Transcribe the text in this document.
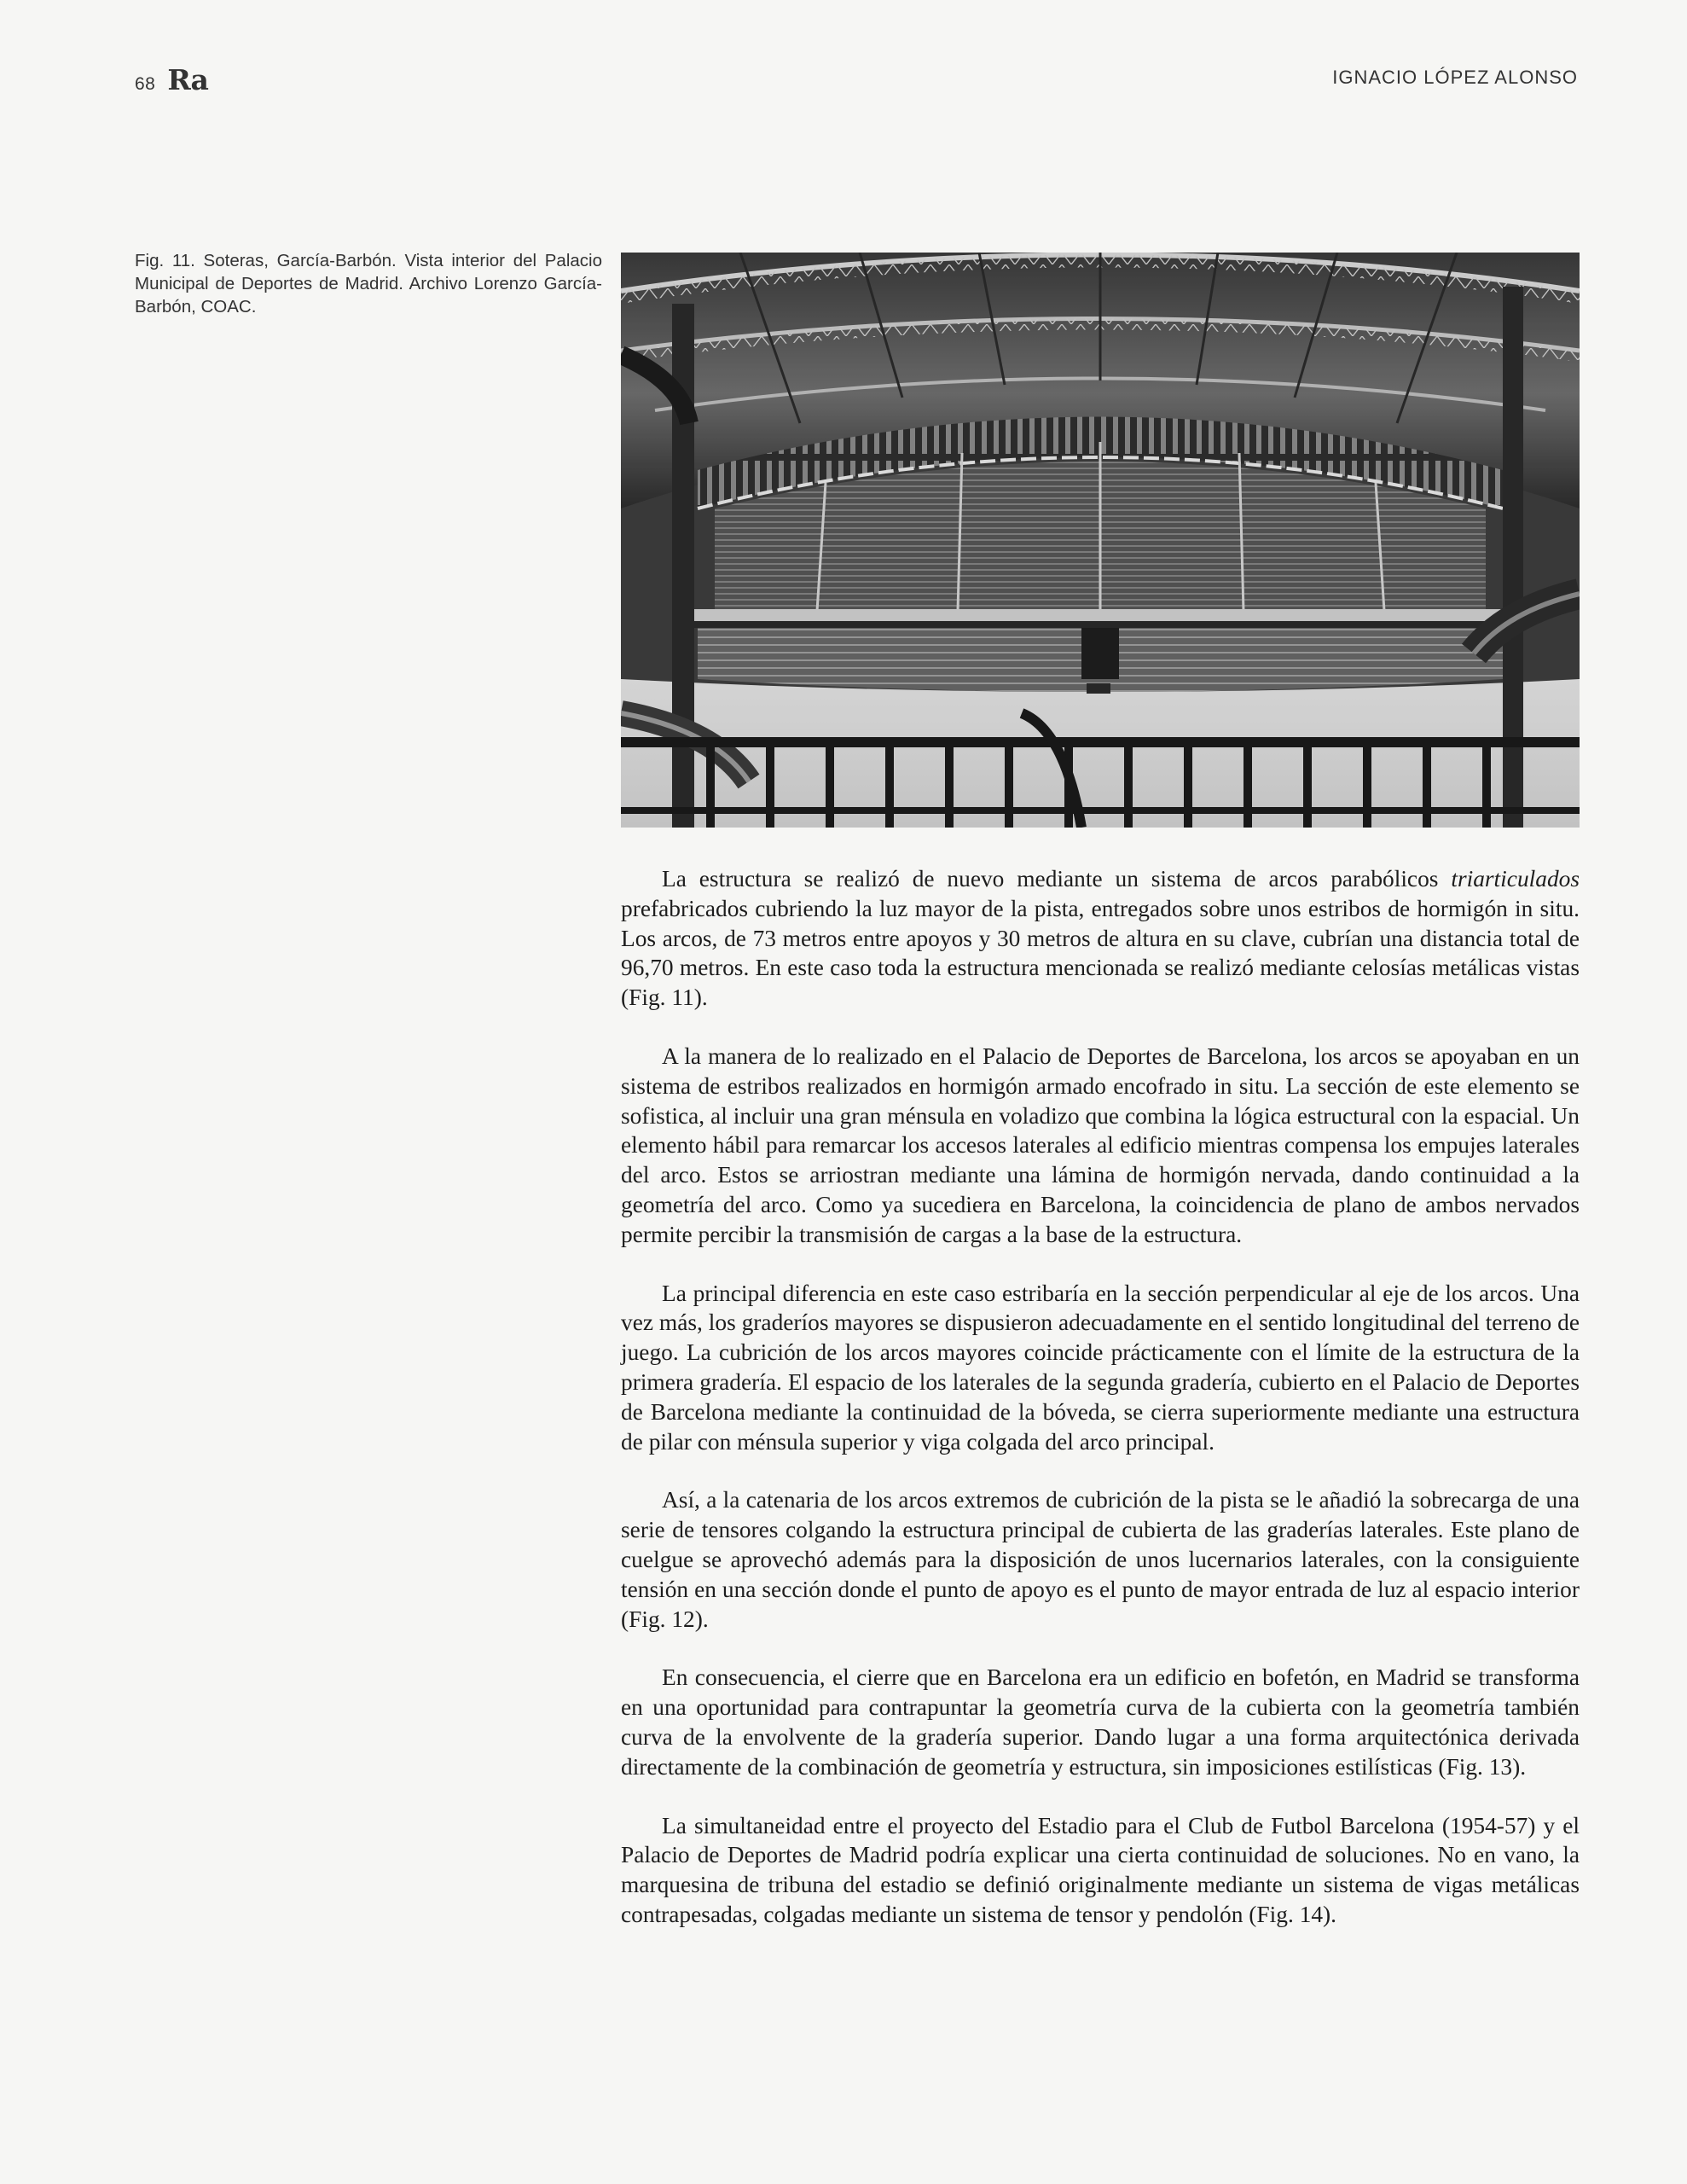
68 Ra	IGNACIO LÓPEZ ALONSO
Fig. 11. Soteras, García-Barbón. Vista interior del Palacio Municipal de Deportes de Madrid. Archivo Lorenzo García-Barbón, COAC.

La estructura se realizó de nuevo mediante un sistema de arcos parabólicos triarticulados prefabricados cubriendo la luz mayor de la pista, entregados sobre unos estribos de hormigón in situ. Los arcos, de 73 metros entre apoyos y 30 metros de altura en su clave, cubrían una distancia total de 96,70 metros. En este caso toda la estructura mencionada se realizó mediante celosías metálicas vistas (Fig. 11).

A la manera de lo realizado en el Palacio de Deportes de Barcelona, los arcos se apoyaban en un sistema de estribos realizados en hormigón armado encofrado in situ. La sección de este elemento se sofistica, al incluir una gran ménsula en voladizo que combina la lógica estructural con la espacial. Un elemento hábil para remarcar los accesos laterales al edificio mientras compensa los empujes laterales del arco. Estos se arriostran mediante una lámina de hormigón nervada, dando continuidad a la geometría del arco. Como ya sucediera en Barcelona, la coincidencia de plano de ambos nervados permite percibir la transmisión de cargas a la base de la estructura.

La principal diferencia en este caso estribaría en la sección perpendicular al eje de los arcos. Una vez más, los graderíos mayores se dispusieron adecuadamente en el sentido longitudinal del terreno de juego. La cubrición de los arcos mayores coincide prácticamente con el límite de la estructura de la primera gradería. El espacio de los laterales de la segunda gradería, cubierto en el Palacio de Deportes de Barcelona mediante la continuidad de la bóveda, se cierra superiormente mediante una estructura de pilar con ménsula superior y viga colgada del arco principal.

Así, a la catenaria de los arcos extremos de cubrición de la pista se le añadió la sobrecarga de una serie de tensores colgando la estructura principal de cubierta de las graderías laterales. Este plano de cuelgue se aprovechó además para la disposición de unos lucernarios laterales, con la consiguiente tensión en una sección donde el punto de apoyo es el punto de mayor entrada de luz al espacio interior (Fig. 12).

En consecuencia, el cierre que en Barcelona era un edificio en bofetón, en Madrid se transforma en una oportunidad para contrapuntar la geometría curva de la cubierta con la geometría también curva de la envolvente de la gradería superior. Dando lugar a una forma arquitectónica derivada directamente de la combinación de geometría y estructura, sin imposiciones estilísticas (Fig. 13).

La simultaneidad entre el proyecto del Estadio para el Club de Futbol Barcelona (1954-57) y el Palacio de Deportes de Madrid podría explicar una cierta continuidad de soluciones. No en vano, la marquesina de tribuna del estadio se definió originalmente mediante un sistema de vigas metálicas contrapesadas, colgadas mediante un sistema de tensor y pendolón (Fig. 14).
